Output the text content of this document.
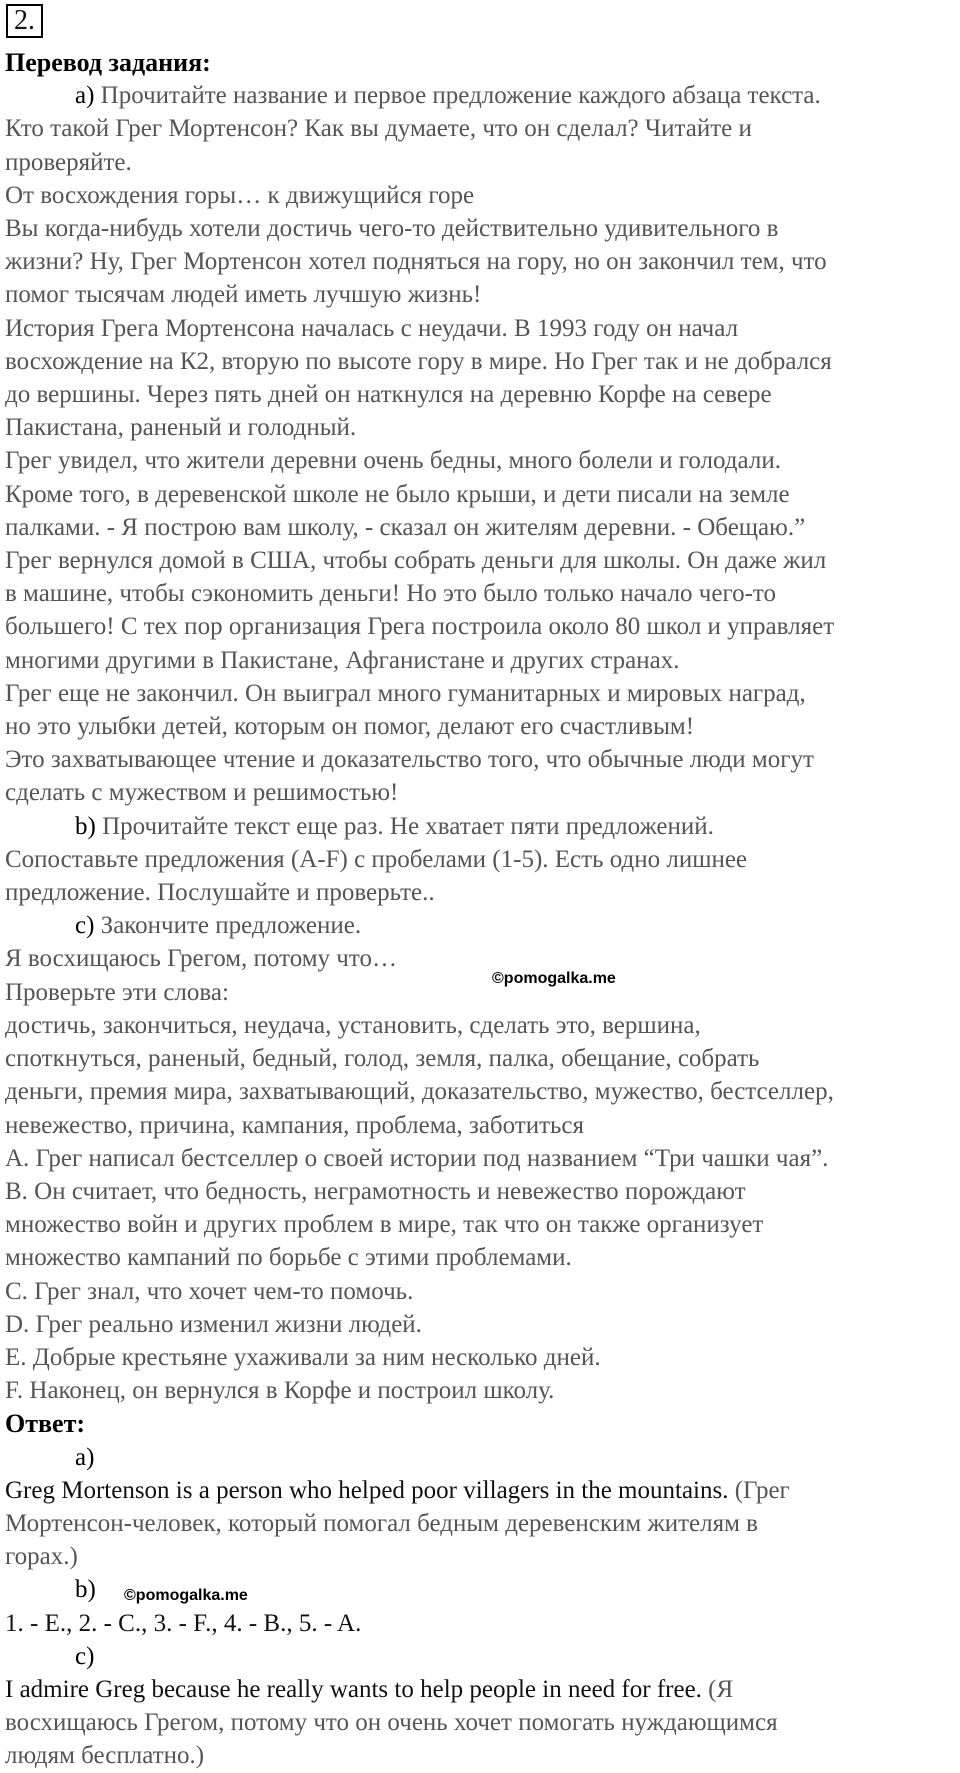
2.
Перевод задания:
а) Прочитайте название и первое предложение каждого абзаца текста.
Кто такой Грег Мортенсон? Как вы думаете, что он сделал? Читайте и
проверяйте.
От восхождения горы… к движущийся горе
Вы когда-нибудь хотели достичь чего-то действительно удивительного в
жизни? Ну, Грег Мортенсон хотел подняться на гору, но он закончил тем, что
помог тысячам людей иметь лучшую жизнь!
История Грега Мортенсона началась с неудачи. В 1993 году он начал
восхождение на К2, вторую по высоте гору в мире. Но Грег так и не добрался
до вершины. Через пять дней он наткнулся на деревню Корфе на севере
Пакистана, раненый и голодный.
Грег увидел, что жители деревни очень бедны, много болели и голодали.
Кроме того, в деревенской школе не было крыши, и дети писали на земле
палками. - Я построю вам школу, - сказал он жителям деревни. - Обещаю.”
Грег вернулся домой в США, чтобы собрать деньги для школы. Он даже жил
в машине, чтобы сэкономить деньги! Но это было только начало чего-то
большего! С тех пор организация Грега построила около 80 школ и управляет
многими другими в Пакистане, Афганистане и других странах.
Грег еще не закончил. Он выиграл много гуманитарных и мировых наград,
но это улыбки детей, которым он помог, делают его счастливым!
Это захватывающее чтение и доказательство того, что обычные люди могут
сделать с мужеством и решимостью!
b) Прочитайте текст еще раз. Не хватает пяти предложений.
Сопоставьте предложения (A-F) с пробелами (1-5). Есть одно лишнее
предложение. Послушайте и проверьте..
c) Закончите предложение.
Я восхищаюсь Грегом, потому что…
Проверьте эти слова:
достичь, закончиться, неудача, установить, сделать это, вершина,
споткнуться, раненый, бедный, голод, земля, палка, обещание, собрать
деньги, премия мира, захватывающий, доказательство, мужество, бестселлер,
невежество, причина, кампания, проблема, заботиться
A. Грег написал бестселлер о своей истории под названием “Три чашки чая”.
B. Он считает, что бедность, неграмотность и невежество порождают
множество войн и других проблем в мире, так что он также организует
множество кампаний по борьбе с этими проблемами.
C. Грег знал, что хочет чем-то помочь.
D. Грег реально изменил жизни людей.
E. Добрые крестьяне ухаживали за ним несколько дней.
F. Наконец, он вернулся в Корфе и построил школу.
Ответ:
a)
Greg Mortenson is a person who helped poor villagers in the mountains. (Грег
Мортенсон-человек, который помогал бедным деревенским жителям в
горах.)
b)
1. - E., 2. - C., 3. - F., 4. - B., 5. - A.
c)
I admire Greg because he really wants to help people in need for free. (Я
восхищаюсь Грегом, потому что он очень хочет помогать нуждающимся
людям бесплатно.)
©pomogalka.me
©pomogalka.me
